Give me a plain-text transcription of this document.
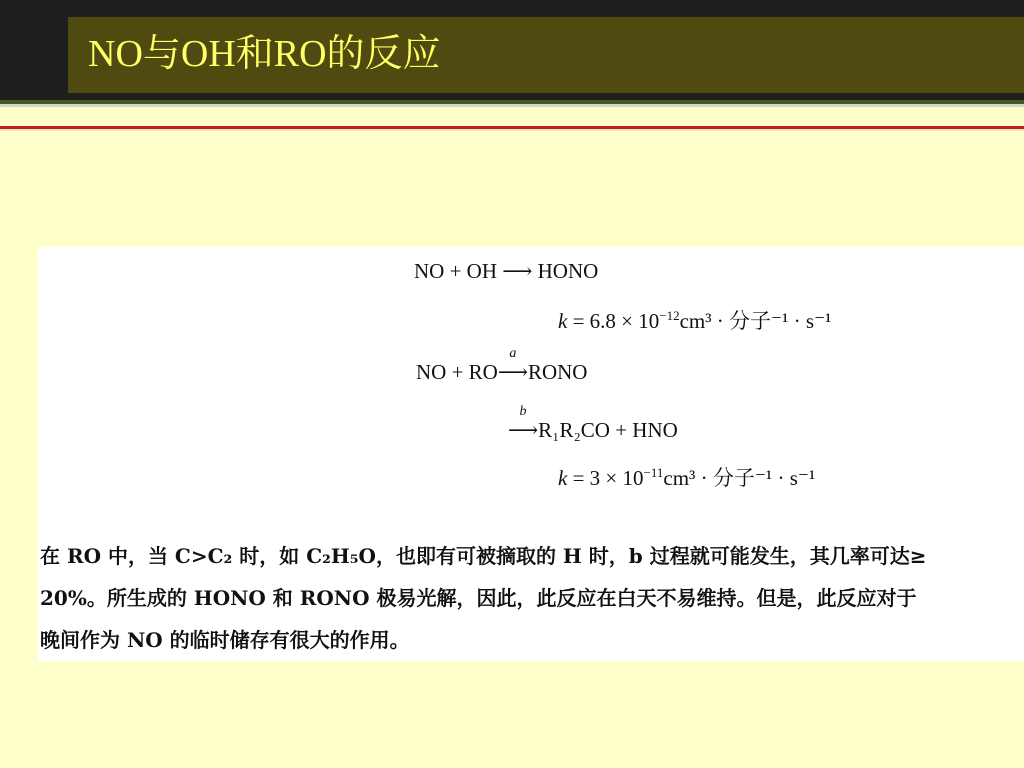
NO与OH和RO的反应
NO + OH ⟶ HONO
$k = 6.8 \times 10^{-12}cm^3$ · 分子⁻¹ · s⁻¹
NO + RO
a
⟶RONO
b
⟶R₁R₂CO + HNO
$k = 3 \times 10^{-11}cm^3$ · 分子⁻¹ · s⁻¹
在 RO 中，当 C>C₂ 时，如 C₂H₅O，也即有可被摘取的 H 时，b 过程就可能发生，其几率可达≥
20%。所生成的 HONO 和 RONO 极易光解，因此，此反应在白天不易维持。但是，此反应对于
晚间作为 NO 的临时储存有很大的作用。
